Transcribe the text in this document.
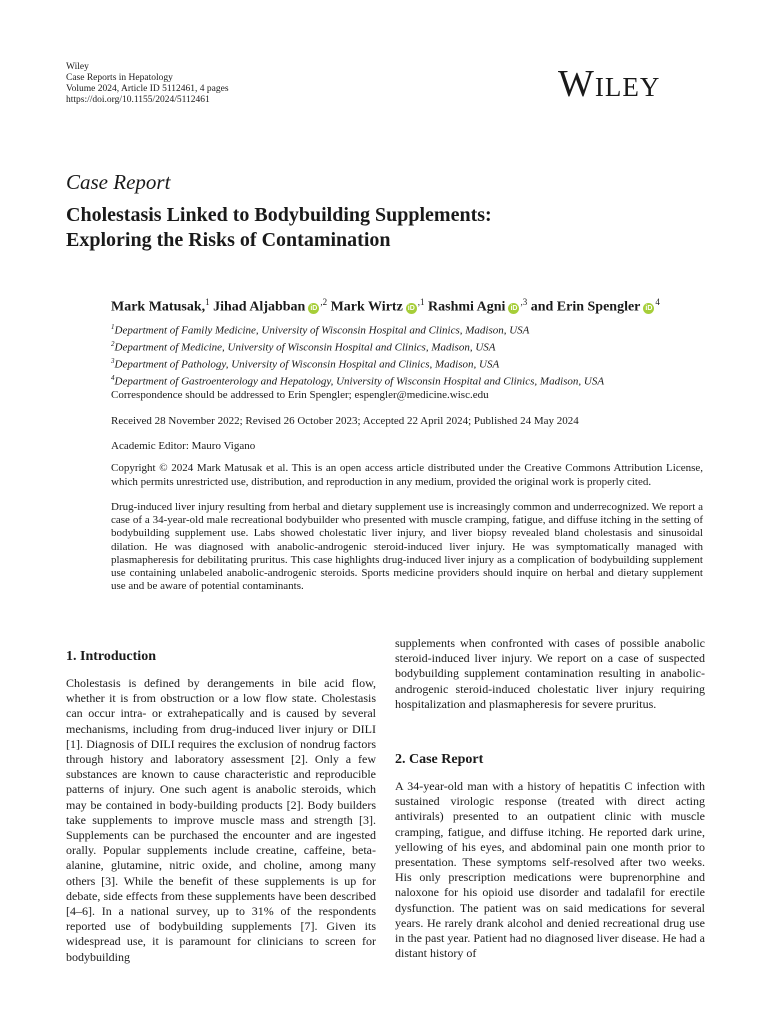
Wiley
Case Reports in Hepatology
Volume 2024, Article ID 5112461, 4 pages
https://doi.org/10.1155/2024/5112461	Wiley
Case Report
Cholestasis Linked to Bodybuilding Supplements:
Exploring the Risks of Contamination
Mark Matusak,$^1$ Jihad Aljabban $iD^{,2}$ Mark Wirtz $iD^{,1}$ Rashmi Agni $iD^{,3}$ and Erin Spengler $iD^4$
$^1$Department of Family Medicine, University of Wisconsin Hospital and Clinics, Madison, USA
$^2$Department of Medicine, University of Wisconsin Hospital and Clinics, Madison, USA
$^3$Department of Pathology, University of Wisconsin Hospital and Clinics, Madison, USA
$^4$Department of Gastroenterology and Hepatology, University of Wisconsin Hospital and Clinics, Madison, USA
Correspondence should be addressed to Erin Spengler; espengler@medicine.wisc.edu
Received 28 November 2022; Revised 26 October 2023; Accepted 22 April 2024; Published 24 May 2024
Academic Editor: Mauro Vigano
Copyright © 2024 Mark Matusak et al. This is an open access article distributed under the Creative Commons Attribution License, which permits unrestricted use, distribution, and reproduction in any medium, provided the original work is properly cited.
Drug-induced liver injury resulting from herbal and dietary supplement use is increasingly common and underrecognized. We report a case of a 34-year-old male recreational bodybuilder who presented with muscle cramping, fatigue, and diffuse itching in the setting of bodybuilding supplement use. Labs showed cholestatic liver injury, and liver biopsy revealed bland cholestasis and sinusoidal dilation. He was diagnosed with anabolic-androgenic steroid-induced liver injury. He was symptomatically managed with plasmapheresis for debilitating pruritus. This case highlights drug-induced liver injury as a complication of bodybuilding supplement use containing unlabeled anabolic-androgenic steroids. Sports medicine providers should inquire on herbal and dietary supplement use and be aware of potential contaminants.
1. Introduction

Cholestasis is defined by derangements in bile acid flow, whether it is from obstruction or a low flow state. Cholestasis can occur intra- or extrahepatically and is caused by several mechanisms, including from drug-induced liver injury or DILI [1]. Diagnosis of DILI requires the exclusion of nondrug factors through history and laboratory assessment [2]. Only a few substances are known to cause characteristic and reproducible patterns of injury. One such agent is anabolic steroids, which may be contained in body-building products [2]. Body builders take supplements to improve muscle mass and strength [3]. Supplements can be purchased the encounter and are ingested orally. Popular supplements include creatine, caffeine, beta-alanine, glutamine, nitric oxide, and choline, among many others [3]. While the benefit of these supplements is up for debate, side effects from these supplements have been described [4–6]. In a national survey, up to 31% of the respondents reported use of bodybuilding supplements [7]. Given its widespread use, it is paramount for clinicians to screen for bodybuilding

supplements when confronted with cases of possible anabolic steroid-induced liver injury. We report on a case of suspected bodybuilding supplement contamination resulting in anabolic-androgenic steroid-induced cholestatic liver injury requiring hospitalization and plasmapheresis for severe pruritus.

2. Case Report

A 34-year-old man with a history of hepatitis C infection with sustained virologic response (treated with direct acting antivirals) presented to an outpatient clinic with muscle cramping, fatigue, and diffuse itching. He reported dark urine, yellowing of his eyes, and abdominal pain one month prior to presentation. These symptoms self-resolved after two weeks. His only prescription medications were buprenorphine and naloxone for his opioid use disorder and tadalafil for erectile dysfunction. The patient was on said medications for several years. He rarely drank alcohol and denied recreational drug use in the past year. Patient had no diagnosed liver disease. He had a distant history of
